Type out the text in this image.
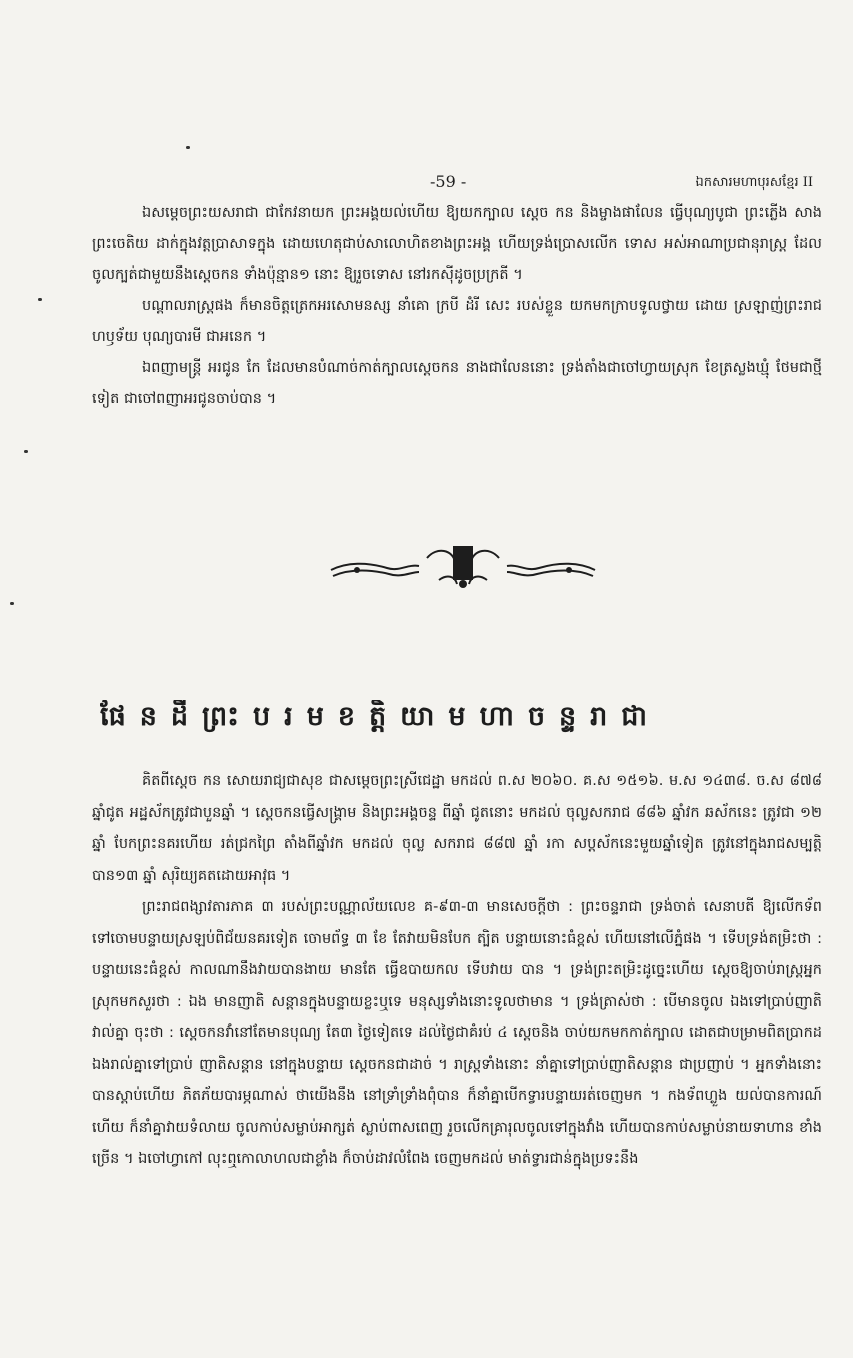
-59 -	ឯកសារមហាបុរសខ្មែរ II

ឯសម្ដេចព្រះយសរាជា ជាកែវនាយក ព្រះអង្គយល់ហើយ ឱ្យយកក្បាល ស្ដេច កន និងម្ចាងផាលែន ធ្វើបុណ្យបូជា ព្រះភ្លើង សាងព្រះចេតិយ ដាក់ក្នុងវត្តប្រាសាទក្នុង ដោយហេតុជាប់សាលោហិតខាងព្រះអង្គ ហើយទ្រង់ប្រោសលើក ទោស អស់អាណាប្រជានុរាស្ត្រ ដែលចូលក្បត់ជាមួយនឹងស្ដេចកន ទាំងប៉ុន្មាន១ នោះ ឱ្យរួចទោស នៅរកស៊ីដូចប្រក្រតី ។

បណ្ដាលរាស្ត្រផង ក៏មានចិត្តត្រេកអរសោមនស្ស នាំគោ ក្របី ដំរី សេះ របស់ខ្លួន យកមកក្រាបទូលថ្វាយ ដោយ ស្រឡាញ់ព្រះរាជហឫទ័យ បុណ្យបារមី ជាអនេក ។

ឯពញាមន្ត្រី អរជូន កែ ដែលមានបំណាច់កាត់ក្បាលស្ដេចកន នាងជាលែននោះ ទ្រង់តាំងជាចៅហ្វាយស្រុក ខែត្រស្លងឃ្មុំ ថែមជាថ្មីទៀត ជាចៅពញាអរជូនចាប់បាន ។

ផែនដីព្រះបរមខត្តិយាមហាចន្ទរាជា

គិតពីស្ដេច កន សោយរាជ្យជាសុខ ជាសម្ដេចព្រះស្រីជេដ្ឋា មកដល់ ព.ស ២០៦០. គ.ស ១៥១៦. ម.ស ១៤៣៨. ច.ស ៨៧៨ ឆ្នាំជូត អដ្ឋស័កត្រូវជាបួនឆ្នាំ ។ ស្ដេចកនធ្វើសង្គ្រាម និងព្រះអង្គចន្ទ ពីឆ្នាំ ជូតនោះ មកដល់ ចុល្លសករាជ ៨៨៦ ឆ្នាំវក ឆស័កនេះ ត្រូវជា ១២ ឆ្នាំ បែកព្រះនគរហើយ រត់ជ្រកព្រៃ តាំងពីឆ្នាំវក មកដល់ ចុល្ល សករាជ ៨៨៧ ឆ្នាំ រកា សប្តស័កនេះមួយឆ្នាំទៀត ត្រូវនៅក្នុងរាជសម្បត្តិបាន១៣ ឆ្នាំ សុរិយ្យគតដោយអាវុធ ។

ព្រះរាជពង្សាវតារភាគ ៣ របស់ព្រះបណ្ណាល័យលេខ គ-៩៣-៣ មានសេចក្ដីថា : ព្រះចន្ទរាជា ទ្រង់ចាត់ សេនាបតី ឱ្យលើកទ័ព ទៅចោមបន្ទាយស្រឡប់ពិជ័យនគរទៀត ចោមព័ទ្ធ ៣ ខែ តែវាយមិនបែក ត្បិត បន្ទាយនោះធំខ្ពស់ ហើយនៅលើភ្នំផង ។ ទើបទ្រង់តម្រិះថា : បន្ទាយនេះធំខ្ពស់ កាលណានឹងវាយបានងាយ មានតែ ធ្វើឧបាយកល ទើបវាយ បាន ។ ទ្រង់ព្រះតម្រិះដូច្នេះហើយ ស្ដេចឱ្យចាប់រាស្ត្រអ្នកស្រុកមកសួរថា : ឯង មានញាតិ សន្ដានក្នុងបន្ទាយខ្លះឬទេ មនុស្សទាំងនោះទូលថាមាន ។ ទ្រង់ត្រាស់ថា : បើមានចូល ឯងទៅប្រាប់ញាតិវាល់គ្នា ចុះថា : ស្ដេចកនវាំនៅតែមានបុណ្យ តែ៣ ថ្ងៃទៀតទេ ដល់ថ្ងៃជាគំរប់ ៤ ស្ដេចនិង ចាប់យកមកកាត់ក្បាល ដោតជាបម្រាមពិតប្រាកដ ឯងរាល់គ្នាទៅប្រាប់ ញាតិសន្ដាន នៅក្នុងបន្ទាយ ស្ដេចកនជាដាច់ ។ រាស្ត្រទាំងនោះ នាំគ្នាទៅប្រាប់ញាតិសន្ដាន ជាប្រញាប់ ។ អ្នកទាំងនោះ បានស្ដាប់ហើយ ភិតភ័យបារម្ភណាស់ ថាយើងនឹង នៅទ្រាំទ្រាំងពុំបាន ក៏នាំគ្នាបើកទ្វារបន្ទាយរត់ចេញមក ។ កងទ័ពហ្លួង យល់បានការណ៍ហើយ ក៏នាំគ្នាវាយទំលាយ ចូលកាប់សម្លាប់អាក្សត់ ស្លាប់ពាសពេញ រួចលើកគ្រារុលចូលទៅក្នុងវាំង ហើយបានកាប់សម្លាប់នាយទាហាន ខាំងច្រើន ។ ឯចៅហ្វាកៅ លុះឮកោលាហលជាខ្លាំង ក៏ចាប់ដាវលំពែង ចេញមកដល់ មាត់ទ្វារជាន់ក្នុងប្រទះនឹង
